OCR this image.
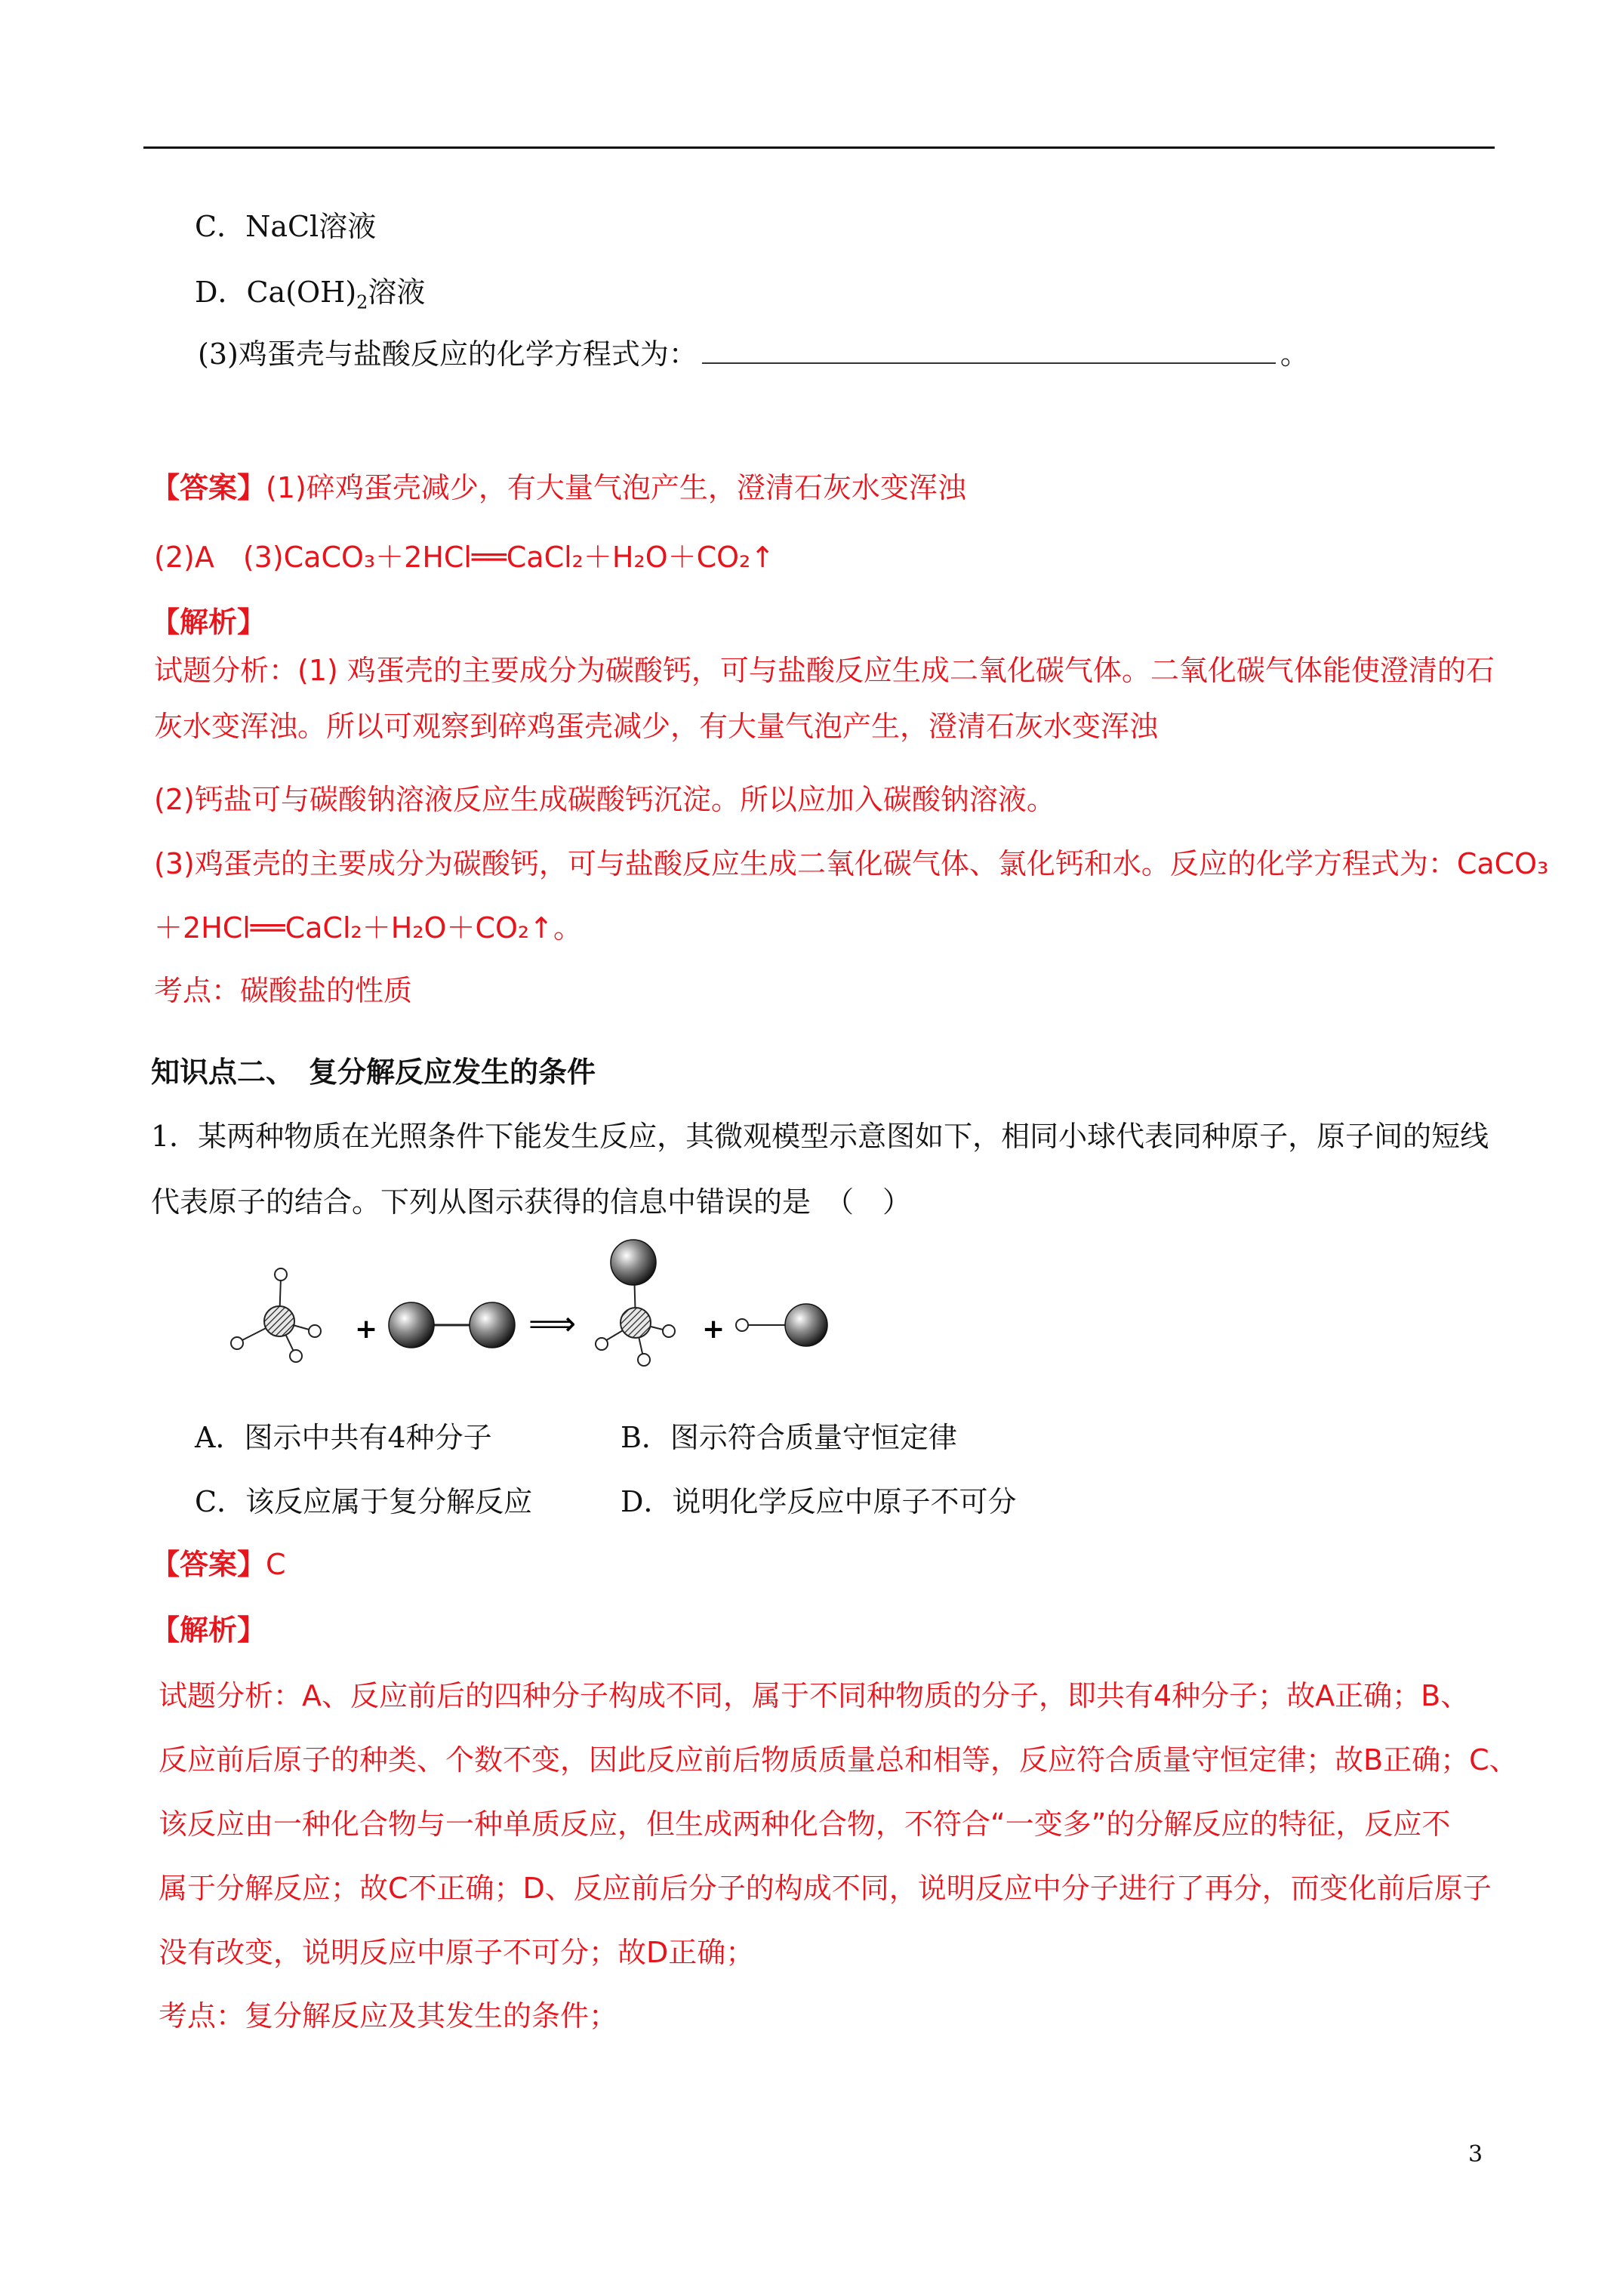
C．NaCl溶液
D．$Ca(OH)_2$溶液
(3)鸡蛋壳与盐酸反应的化学方程式为：	。
【答案】(1)碎鸡蛋壳减少，有大量气泡产生，澄清石灰水变浑浊
(2)A　(3)CaCO₃＋2HCl══CaCl₂＋H₂O＋CO₂↑
【解析】
试题分析：(1) 鸡蛋壳的主要成分为碳酸钙，可与盐酸反应生成二氧化碳气体。二氧化碳气体能使澄清的石
灰水变浑浊。所以可观察到碎鸡蛋壳减少，有大量气泡产生，澄清石灰水变浑浊
(2)钙盐可与碳酸钠溶液反应生成碳酸钙沉淀。所以应加入碳酸钠溶液。
(3)鸡蛋壳的主要成分为碳酸钙，可与盐酸反应生成二氧化碳气体、氯化钙和水。反应的化学方程式为：CaCO₃
＋2HCl══CaCl₂＋H₂O＋CO₂↑。
考点：碳酸盐的性质
知识点二、　复分解反应发生的条件
1．某两种物质在光照条件下能发生反应，其微观模型示意图如下，相同小球代表同种原子，原子间的短线
代表原子的结合。下列从图示获得的信息中错误的是　（　）
+	⟹	+
A．图示中共有4种分子	B．图示符合质量守恒定律
C．该反应属于复分解反应	D．说明化学反应中原子不可分
【答案】C
【解析】
试题分析：A、反应前后的四种分子构成不同，属于不同种物质的分子，即共有4种分子；故A正确；B、
反应前后原子的种类、个数不变，因此反应前后物质质量总和相等，反应符合质量守恒定律；故B正确；C、
该反应由一种化合物与一种单质反应，但生成两种化合物，不符合“一变多”的分解反应的特征，反应不
属于分解反应；故C不正确；D、反应前后分子的构成不同，说明反应中分子进行了再分，而变化前后原子
没有改变，说明反应中原子不可分；故D正确；
考点：复分解反应及其发生的条件；
3
